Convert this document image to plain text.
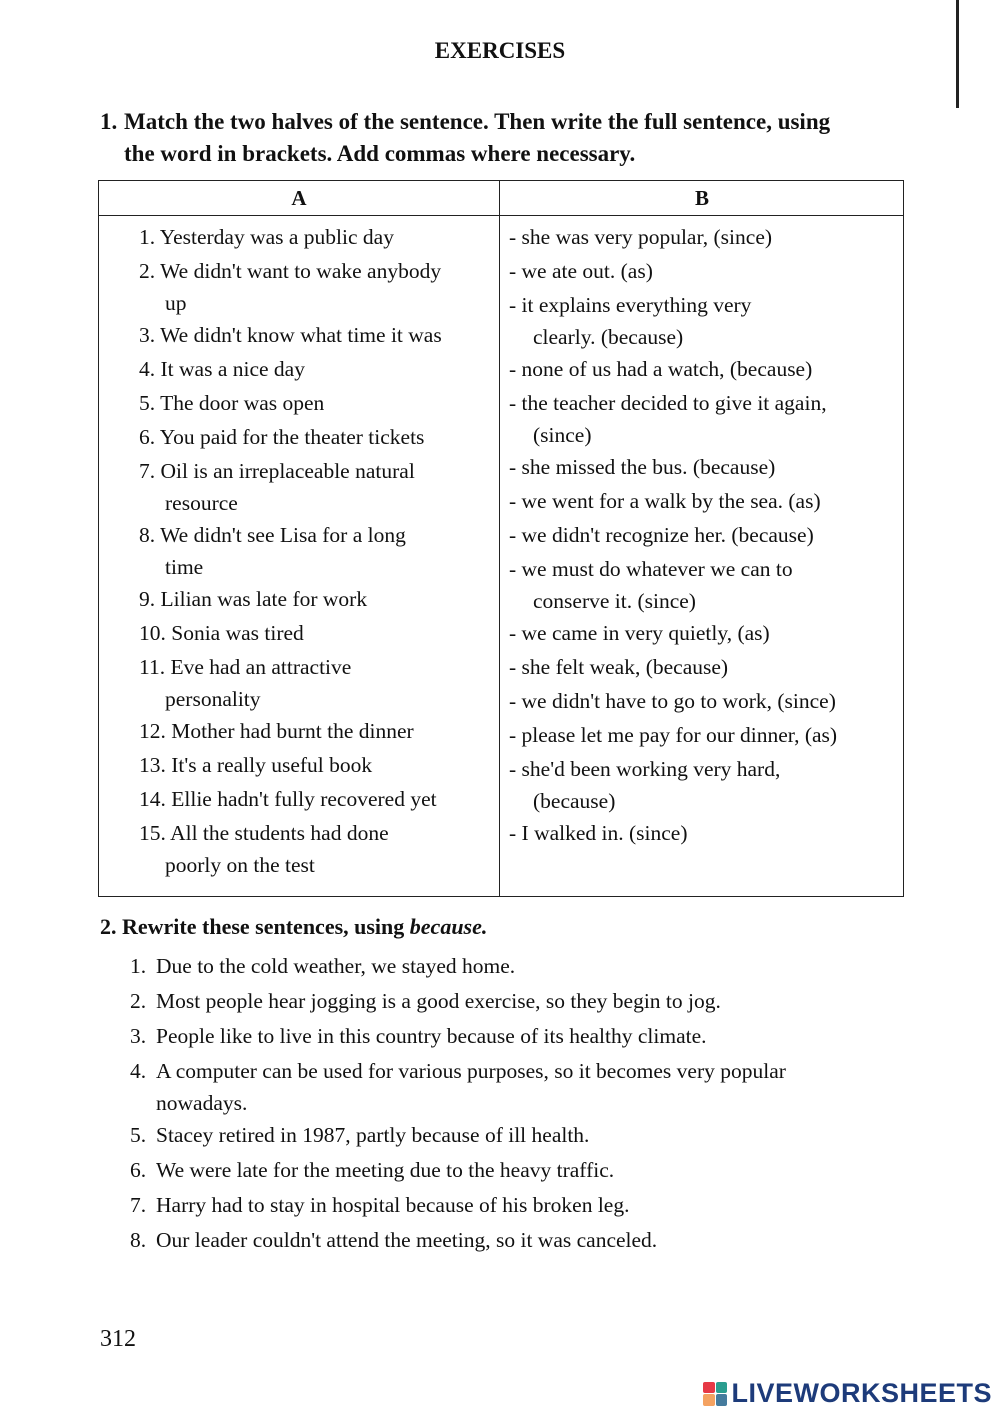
EXERCISES
1. Match the two halves of the sentence. Then write the full sentence, using
the word in brackets. Add commas where necessary.
A	B
1. Yesterday was a public day
2. We didn't want to wake anybody
up
3. We didn't know what time it was
4. It was a nice day
5. The door was open
6. You paid for the theater tickets
7. Oil is an irreplaceable natural
resource
8. We didn't see Lisa for a long
time
9. Lilian was late for work
10. Sonia was tired
11. Eve had an attractive
personality
12. Mother had burnt the dinner
13. It's a really useful book
14. Ellie hadn't fully recovered yet
15. All the students had done
poorly on the test
- she was very popular, (since)
- we ate out. (as)
- it explains everything very
clearly. (because)
- none of us had a watch, (because)
- the teacher decided to give it again,
(since)
- she missed the bus. (because)
- we went for a walk by the sea. (as)
- we didn't recognize her. (because)
- we must do whatever we can to
conserve it. (since)
- we came in very quietly, (as)
- she felt weak, (because)
- we didn't have to go to work, (since)
- please let me pay for our dinner, (as)
- she'd been working very hard,
(because)
- I walked in. (since)
2. Rewrite these sentences, using because.
1. Due to the cold weather, we stayed home.
2. Most people hear jogging is a good exercise, so they begin to jog.
3. People like to live in this country because of its healthy climate.
4. A computer can be used for various purposes, so it becomes very popular
nowadays.
5. Stacey retired in 1987, partly because of ill health.
6. We were late for the meeting due to the heavy traffic.
7. Harry had to stay in hospital because of his broken leg.
8. Our leader couldn't attend the meeting, so it was canceled.
312
LIVEWORKSHEETS
